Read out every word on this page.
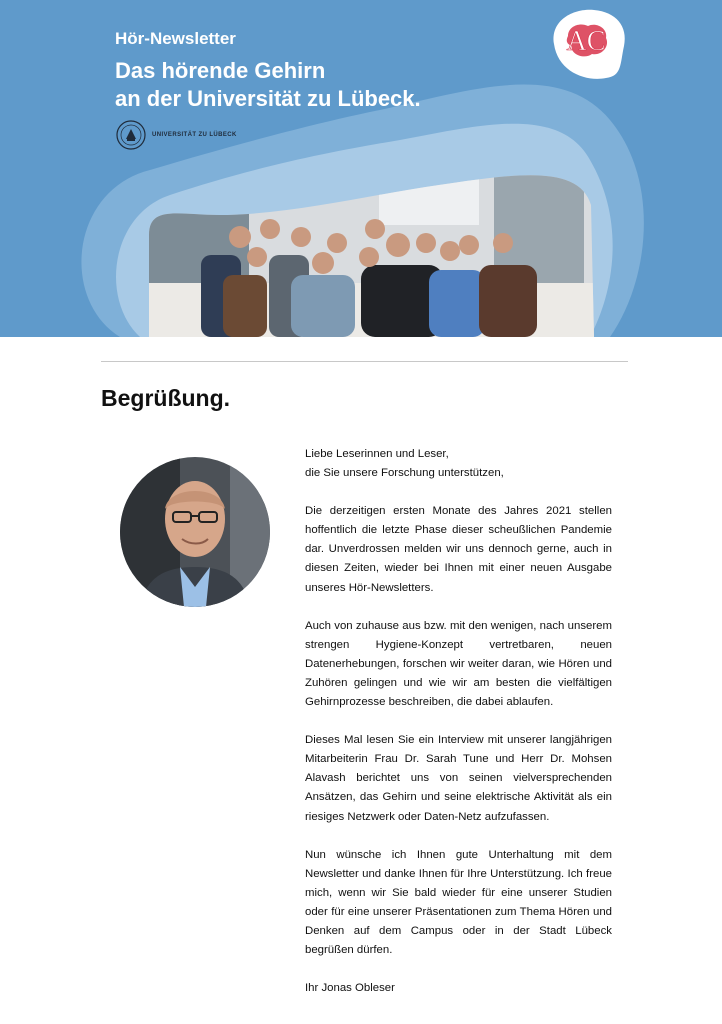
Hör-Newsletter
Das hörende Gehirn
an der Universität zu Lübeck.
UNIVERSITÄT ZU LÜBECK
AC
Begrüßung.

Liebe Leserinnen und Leser,
die Sie unsere Forschung unterstützen,

Die derzeitigen ersten Monate des Jahres 2021 stellen hoffentlich die letzte Phase dieser scheußlichen Pandemie dar. Unverdrossen melden wir uns dennoch gerne, auch in diesen Zeiten, wieder bei Ihnen mit einer neuen Ausgabe unseres Hör-Newsletters.

Auch von zuhause aus bzw. mit den wenigen, nach unserem strengen Hygiene-Konzept vertretbaren, neuen Datenerhebungen, forschen wir weiter daran, wie Hören und Zuhören gelingen und wie wir am besten die vielfältigen Gehirnprozesse beschreiben, die dabei ablaufen.

Dieses Mal lesen Sie ein Interview mit unserer langjährigen Mitarbeiterin Frau Dr. Sarah Tune und Herr Dr. Mohsen Alavash berichtet uns von seinen vielversprechenden Ansätzen, das Gehirn und seine elektrische Aktivität als ein riesiges Netzwerk oder Daten-Netz aufzufassen.

Nun wünsche ich Ihnen gute Unterhaltung mit dem Newsletter und danke Ihnen für Ihre Unterstützung. Ich freue mich, wenn wir Sie bald wieder für eine unserer Studien oder für eine unserer Präsentationen zum Thema Hören und Denken auf dem Campus oder in der Stadt Lübeck begrüßen dürfen.

Ihr Jonas Obleser
